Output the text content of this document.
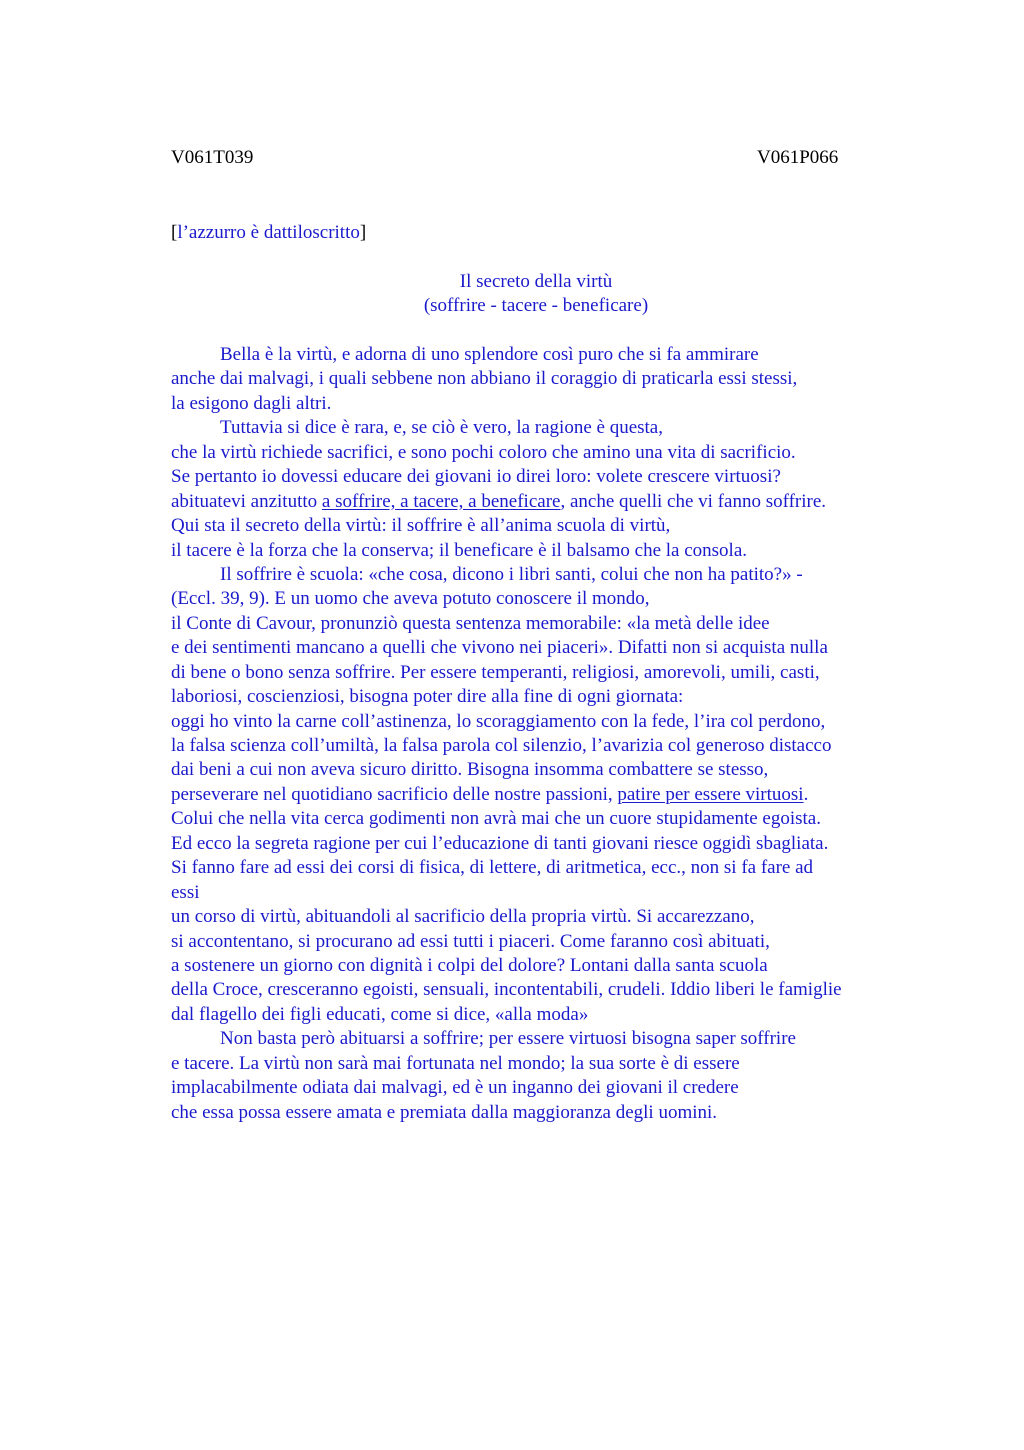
V061T039	V061P066
[l’azzurro è dattiloscritto]
Il secreto della virtù
(soffrire - tacere - beneficare)
Bella è la virtù, e adorna di uno splendore così puro che si fa ammirare
anche dai malvagi, i quali sebbene non abbiano il coraggio di praticarla essi stessi,
la esigono dagli altri.
Tuttavia si dice è rara, e, se ciò è vero, la ragione è questa,
che la virtù richiede sacrifici, e sono pochi coloro che amino una vita di sacrificio.
Se pertanto io dovessi educare dei giovani io direi loro: volete crescere virtuosi?
abituatevi anzitutto a soffrire, a tacere, a beneficare, anche quelli che vi fanno soffrire.
Qui sta il secreto della virtù: il soffrire è all’anima scuola di virtù,
il tacere è la forza che la conserva; il beneficare è il balsamo che la consola.
Il soffrire è scuola: «che cosa, dicono i libri santi, colui che non ha patito?» -
(Eccl. 39, 9). E un uomo che aveva potuto conoscere il mondo,
il Conte di Cavour, pronunziò questa sentenza memorabile: «la metà delle idee
e dei sentimenti mancano a quelli che vivono nei piaceri». Difatti non si acquista nulla
di bene o bono senza soffrire. Per essere temperanti, religiosi, amorevoli, umili, casti,
laboriosi, coscienziosi, bisogna poter dire alla fine di ogni giornata:
oggi ho vinto la carne coll’astinenza, lo scoraggiamento con la fede, l’ira col perdono,
la falsa scienza coll’umiltà, la falsa parola col silenzio, l’avarizia col generoso distacco
dai beni a cui non aveva sicuro diritto. Bisogna insomma combattere se stesso,
perseverare nel quotidiano sacrificio delle nostre passioni, patire per essere virtuosi.
Colui che nella vita cerca godimenti non avrà mai che un cuore stupidamente egoista.
Ed ecco la segreta ragione per cui l’educazione di tanti giovani riesce oggidì sbagliata.
Si fanno fare ad essi dei corsi di fisica, di lettere, di aritmetica, ecc., non si fa fare ad
essi
un corso di virtù, abituandoli al sacrificio della propria virtù. Si accarezzano,
si accontentano, si procurano ad essi tutti i piaceri. Come faranno così abituati,
a sostenere un giorno con dignità i colpi del dolore? Lontani dalla santa scuola
della Croce, cresceranno egoisti, sensuali, incontentabili, crudeli. Iddio liberi le famiglie
dal flagello dei figli educati, come si dice, «alla moda»
Non basta però abituarsi a soffrire; per essere virtuosi bisogna saper soffrire
e tacere. La virtù non sarà mai fortunata nel mondo; la sua sorte è di essere
implacabilmente odiata dai malvagi, ed è un inganno dei giovani il credere
che essa possa essere amata e premiata dalla maggioranza degli uomini.
